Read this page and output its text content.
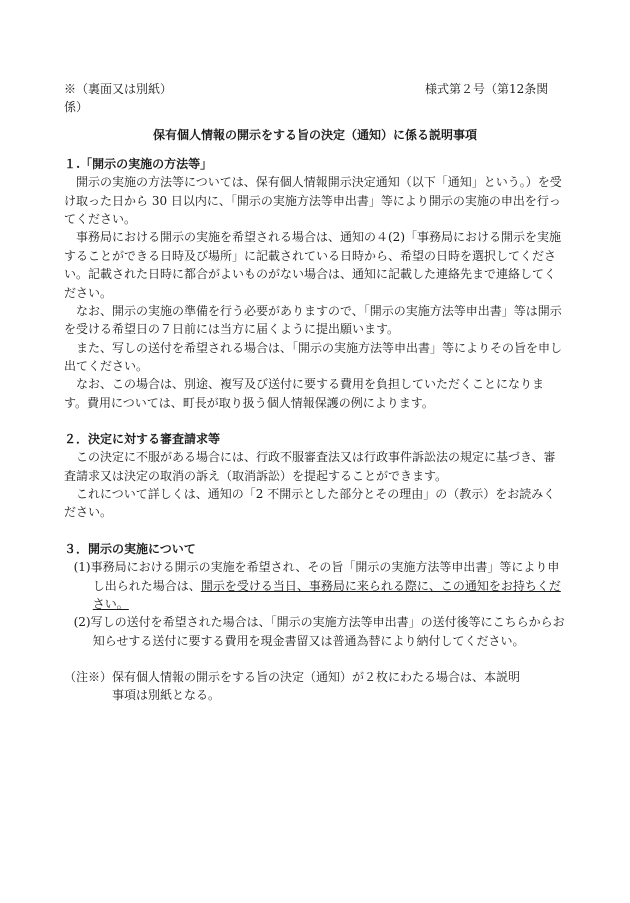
※（裏面又は別紙）	様式第２号（第12条関
係）
保有個人情報の開示をする旨の決定（通知）に係る説明事項
１.「開示の実施の方法等」

開示の実施の方法等については、保有個人情報開示決定通知（以下「通知」という。）を受け取った日から 30 日以内に、「開示の実施方法等申出書」等により開示の実施の申出を行ってください。

事務局における開示の実施を希望される場合は、通知の４(2)「事務局における開示を実施することができる日時及び場所」に記載されている日時から、希望の日時を選択してください。記載された日時に都合がよいものがない場合は、通知に記載した連絡先まで連絡してください。

なお、開示の実施の準備を行う必要がありますので、「開示の実施方法等申出書」等は開示を受ける希望日の７日前には当方に届くように提出願います。

また、写しの送付を希望される場合は、「開示の実施方法等申出書」等によりその旨を申し出てください。

なお、この場合は、別途、複写及び送付に要する費用を負担していただくことになります。費用については、町長が取り扱う個人情報保護の例によります。

２．決定に対する審査請求等

この決定に不服がある場合には、行政不服審査法又は行政事件訴訟法の規定に基づき、審査請求又は決定の取消の訴え（取消訴訟）を提起することができます。

これについて詳しくは、通知の「2 不開示とした部分とその理由」の（教示）をお読みください。

３．開示の実施について

(1)事務局における開示の実施を希望され、その旨「開示の実施方法等申出書」等により申し出られた場合は、開示を受ける当日、事務局に来られる際に、この通知をお持ちください。

(2)写しの送付を希望された場合は、「開示の実施方法等申出書」の送付後等にこちらからお知らせする送付に要する費用を現金書留又は普通為替により納付してください。

（注※）保有個人情報の開示をする旨の決定（通知）が２枚にわたる場合は、本説明
事項は別紙となる。
